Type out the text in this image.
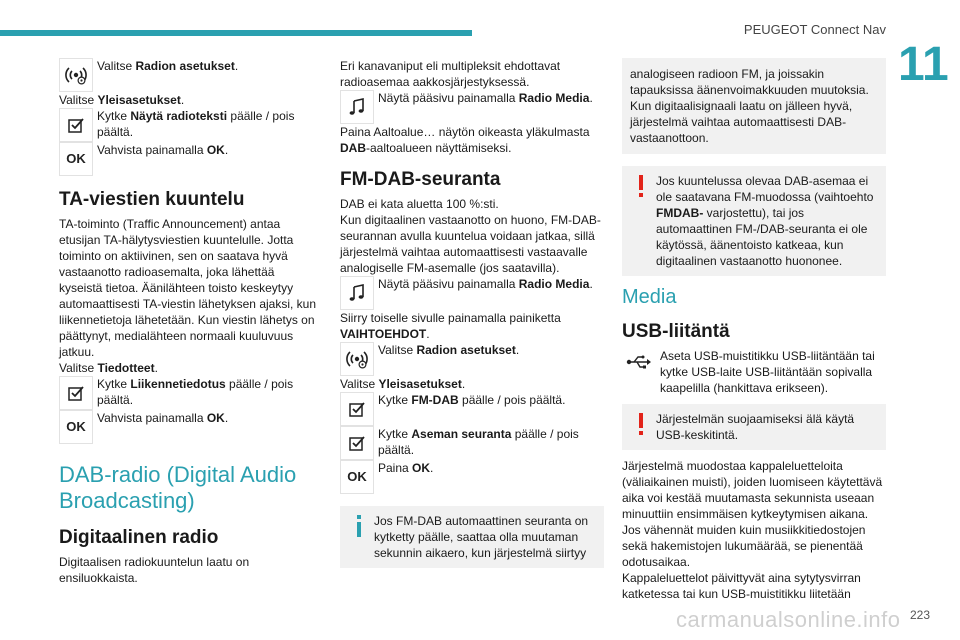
PEUGEOT Connect Nav
11
Valitse Radion asetukset.
Valitse Yleisasetukset.
Kytke Näytä radioteksti päälle / pois päältä.
OK
Vahvista painamalla OK.
TA-viestien kuuntelu
TA-toiminto (Traffic Announcement) antaa etusijan TA-hälytysviestien kuuntelulle. Jotta toiminto on aktiivinen, sen on saatava hyvä vastaanotto radioasemalta, joka lähettää kyseistä tietoa. Äänilähteen toisto keskeytyy automaattisesti TA-viestin lähetyksen ajaksi, kun liikennetietoja lähetetään. Kun viestin lähetys on päättynyt, medialähteen normaali kuuluvuus jatkuu.
Valitse Tiedotteet.
Kytke Liikennetiedotus päälle / pois päältä.
OK
Vahvista painamalla OK.
DAB-radio (Digital Audio Broadcasting)
Digitaalinen radio
Digitaalisen radiokuuntelun laatu on ensiluokkaista.
Eri kanavaniput eli multipleksit ehdottavat radioasemaa aakkosjärjestyksessä.
Näytä pääsivu painamalla Radio Media.
Paina Aaltoalue… näytön oikeasta yläkulmasta DAB-aaltoalueen näyttämiseksi.
FM-DAB-seuranta
DAB ei kata aluetta 100 %:sti.
Kun digitaalinen vastaanotto on huono, FM-DAB-seurannan avulla kuuntelua voidaan jatkaa, sillä järjestelmä vaihtaa automaattisesti vastaavalle analogiselle FM-asemalle (jos saatavilla).
Näytä pääsivu painamalla Radio Media.
Siirry toiselle sivulle painamalla painiketta VAIHTOEHDOT.
Valitse Radion asetukset.
Valitse Yleisasetukset.
Kytke FM-DAB päälle / pois päältä.
Kytke Aseman seuranta päälle / pois päältä.
OK
Paina OK.
Jos FM-DAB automaattinen seuranta on kytketty päälle, saattaa olla muutaman sekunnin aikaero, kun järjestelmä siirtyy
analogiseen radioon FM, ja joissakin tapauksissa äänenvoimakkuuden muutoksia.
Kun digitaalisignaali laatu on jälleen hyvä, järjestelmä vaihtaa automaattisesti DAB-vastaanottoon.
Jos kuuntelussa olevaa DAB-asemaa ei ole saatavana FM-muodossa (vaihtoehto FMDAB- varjostettu), tai jos automaattinen FM-/DAB-seuranta ei ole käytössä, äänentoisto katkeaa, kun digitaalinen vastaanotto huononee.
Media
USB-liitäntä
Aseta USB-muistitikku USB-liitäntään tai kytke USB-laite USB-liitäntään sopivalla kaapelilla (hankittava erikseen).
Järjestelmän suojaamiseksi älä käytä USB-keskitintä.
Järjestelmä muodostaa kappaleluetteloita (väliaikainen muisti), joiden luomiseen käytettävä aika voi kestää muutamasta sekunnista useaan minuuttiin ensimmäisen kytkeytymisen aikana.
Jos vähennät muiden kuin musiikkitiedostojen sekä hakemistojen lukumäärää, se pienentää odotusaikaa.
Kappaleluettelot päivittyvät aina sytytysvirran katketessa tai kun USB-muistitikku liitetään
223
carmanualsonline.info
